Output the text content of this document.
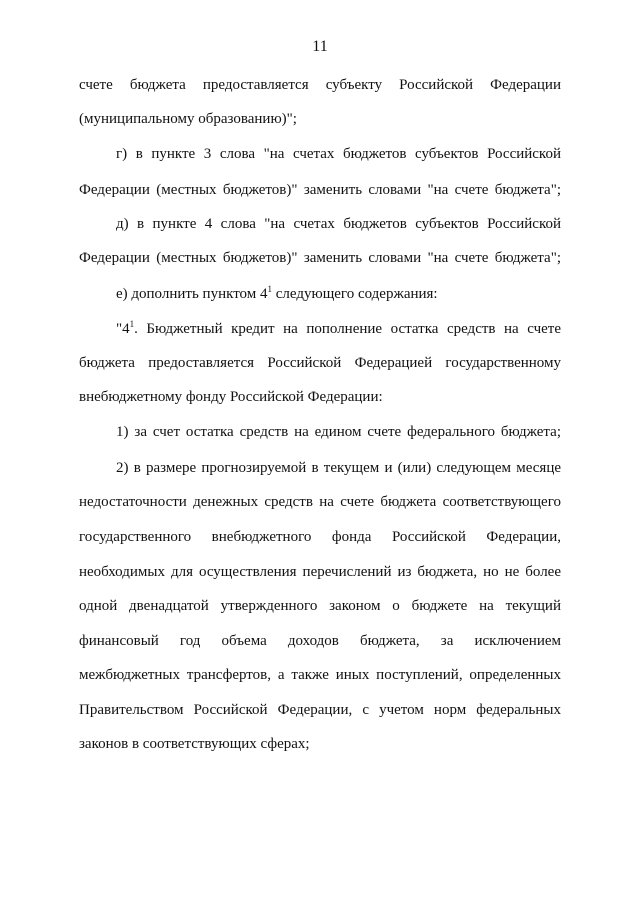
11
счете бюджета предоставляется субъекту Российской Федерации
(муниципальному образованию)";
г) в пункте 3 слова "на счетах бюджетов субъектов Российской
Федерации (местных бюджетов)" заменить словами "на счете бюджета";
д) в пункте 4 слова "на счетах бюджетов субъектов Российской
Федерации (местных бюджетов)" заменить словами "на счете бюджета";
е) дополнить пунктом $4^1$ следующего содержания:
"$4^1$. Бюджетный кредит на пополнение остатка средств на счете
бюджета предоставляется Российской Федерацией государственному
внебюджетному фонду Российской Федерации:
1) за счет остатка средств на едином счете федерального бюджета;
2) в размере прогнозируемой в текущем и (или) следующем месяце
недостаточности денежных средств на счете бюджета соответствующего
государственного внебюджетного фонда Российской Федерации,
необходимых для осуществления перечислений из бюджета, но не более
одной двенадцатой утвержденного законом о бюджете на текущий
финансовый год объема доходов бюджета, за исключением
межбюджетных трансфертов, а также иных поступлений, определенных
Правительством Российской Федерации, с учетом норм федеральных
законов в соответствующих сферах;
